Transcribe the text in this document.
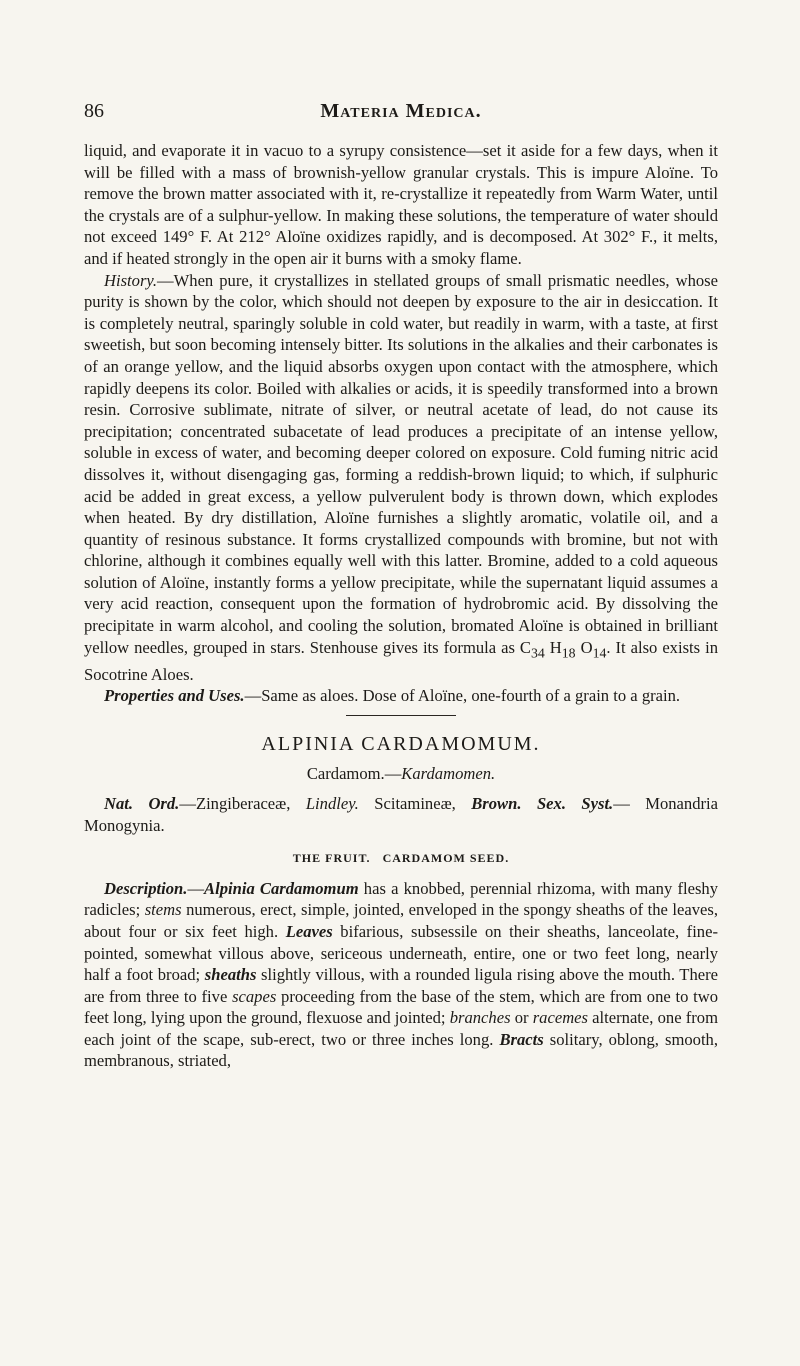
86	Materia Medica.

liquid, and evaporate it in vacuo to a syrupy consistence—set it aside for a few days, when it will be filled with a mass of brownish-yellow granular crystals. This is impure Aloïne. To remove the brown matter associated with it, re-crystallize it repeatedly from Warm Water, until the crystals are of a sulphur-yellow. In making these solutions, the temperature of water should not exceed 149° F. At 212° Aloïne oxidizes rapidly, and is decomposed. At 302° F., it melts, and if heated strongly in the open air it burns with a smoky flame.

History.—When pure, it crystallizes in stellated groups of small prismatic needles, whose purity is shown by the color, which should not deepen by exposure to the air in desiccation. It is completely neutral, sparingly soluble in cold water, but readily in warm, with a taste, at first sweetish, but soon becoming intensely bitter. Its solutions in the alkalies and their carbonates is of an orange yellow, and the liquid absorbs oxygen upon contact with the atmosphere, which rapidly deepens its color. Boiled with alkalies or acids, it is speedily transformed into a brown resin. Corrosive sublimate, nitrate of silver, or neutral acetate of lead, do not cause its precipitation; concentrated subacetate of lead produces a precipitate of an intense yellow, soluble in excess of water, and becoming deeper colored on exposure. Cold fuming nitric acid dissolves it, without disengaging gas, forming a reddish-brown liquid; to which, if sulphuric acid be added in great excess, a yellow pulverulent body is thrown down, which explodes when heated. By dry distillation, Aloïne furnishes a slightly aromatic, volatile oil, and a quantity of resinous substance. It forms crystallized compounds with bromine, but not with chlorine, although it combines equally well with this latter. Bromine, added to a cold aqueous solution of Aloïne, instantly forms a yellow precipitate, while the supernatant liquid assumes a very acid reaction, consequent upon the formation of hydrobromic acid. By dissolving the precipitate in warm alcohol, and cooling the solution, bromated Aloïne is obtained in brilliant yellow needles, grouped in stars. Stenhouse gives its formula as $C_{34}$ $H_{18}$ $O_{14}$. It also exists in Socotrine Aloes.

Properties and Uses.—Same as aloes. Dose of Aloïne, one-fourth of a grain to a grain.

ALPINIA CARDAMOMUM.
Cardamom.—Kardamomen.

Nat. Ord.—Zingiberaceæ, Lindley. Scitamineæ, Brown. Sex. Syst.— Monandria Monogynia.

THE FRUIT. CARDAMOM SEED.

Description.—Alpinia Cardamomum has a knobbed, perennial rhizoma, with many fleshy radicles; stems numerous, erect, simple, jointed, enveloped in the spongy sheaths of the leaves, about four or six feet high. Leaves bifarious, subsessile on their sheaths, lanceolate, fine-pointed, somewhat villous above, sericeous underneath, entire, one or two feet long, nearly half a foot broad; sheaths slightly villous, with a rounded ligula rising above the mouth. There are from three to five scapes proceeding from the base of the stem, which are from one to two feet long, lying upon the ground, flexuose and jointed; branches or racemes alternate, one from each joint of the scape, sub-erect, two or three inches long. Bracts solitary, oblong, smooth, membranous, striated,
